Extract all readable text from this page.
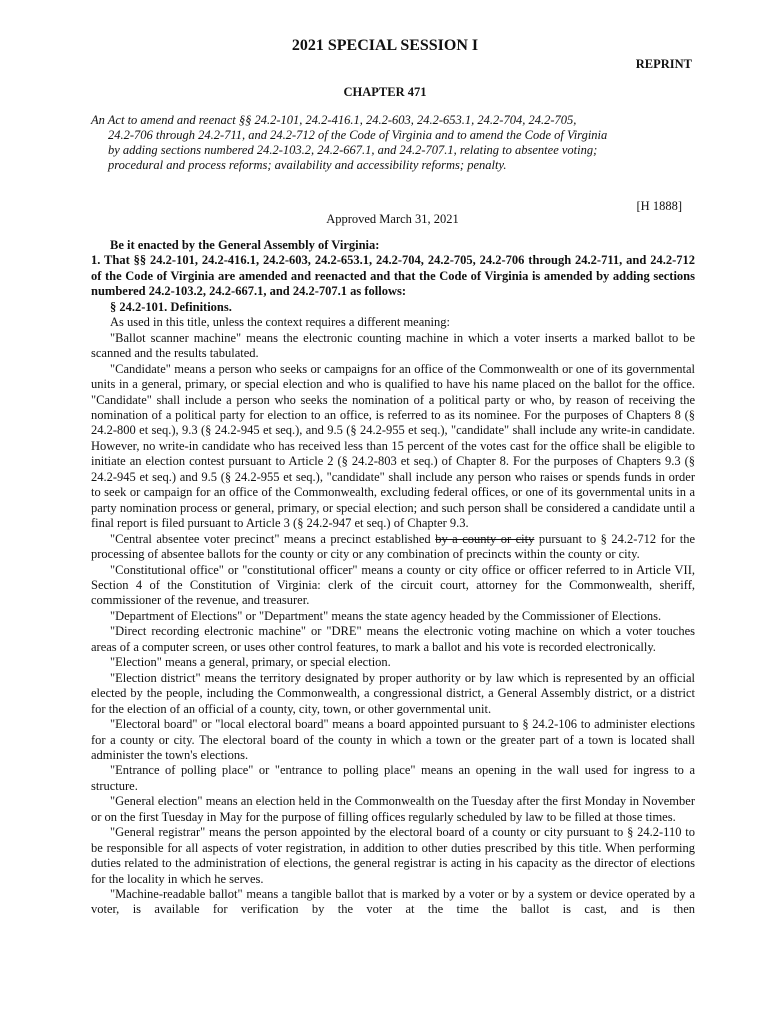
2021 SPECIAL SESSION I
REPRINT
CHAPTER 471
An Act to amend and reenact §§ 24.2-101, 24.2-416.1, 24.2-603, 24.2-653.1, 24.2-704, 24.2-705,
24.2-706 through 24.2-711, and 24.2-712 of the Code of Virginia and to amend the Code of Virginia
by adding sections numbered 24.2-103.2, 24.2-667.1, and 24.2-707.1, relating to absentee voting;
procedural and process reforms; availability and accessibility reforms; penalty.
[H 1888]
Approved March 31, 2021

Be it enacted by the General Assembly of Virginia:

1. That §§ 24.2-101, 24.2-416.1, 24.2-603, 24.2-653.1, 24.2-704, 24.2-705, 24.2-706 through 24.2-711, and 24.2-712 of the Code of Virginia are amended and reenacted and that the Code of Virginia is amended by adding sections numbered 24.2-103.2, 24.2-667.1, and 24.2-707.1 as follows:

§ 24.2-101. Definitions.

As used in this title, unless the context requires a different meaning:

"Ballot scanner machine" means the electronic counting machine in which a voter inserts a marked ballot to be scanned and the results tabulated.

"Candidate" means a person who seeks or campaigns for an office of the Commonwealth or one of its governmental units in a general, primary, or special election and who is qualified to have his name placed on the ballot for the office. "Candidate" shall include a person who seeks the nomination of a political party or who, by reason of receiving the nomination of a political party for election to an office, is referred to as its nominee. For the purposes of Chapters 8 (§ 24.2-800 et seq.), 9.3 (§ 24.2-945 et seq.), and 9.5 (§ 24.2-955 et seq.), "candidate" shall include any write-in candidate. However, no write-in candidate who has received less than 15 percent of the votes cast for the office shall be eligible to initiate an election contest pursuant to Article 2 (§ 24.2-803 et seq.) of Chapter 8. For the purposes of Chapters 9.3 (§ 24.2-945 et seq.) and 9.5 (§ 24.2-955 et seq.), "candidate" shall include any person who raises or spends funds in order to seek or campaign for an office of the Commonwealth, excluding federal offices, or one of its governmental units in a party nomination process or general, primary, or special election; and such person shall be considered a candidate until a final report is filed pursuant to Article 3 (§ 24.2-947 et seq.) of Chapter 9.3.

"Central absentee voter precinct" means a precinct established by a county or city pursuant to § 24.2-712 for the processing of absentee ballots for the county or city or any combination of precincts within the county or city.

"Constitutional office" or "constitutional officer" means a county or city office or officer referred to in Article VII, Section 4 of the Constitution of Virginia: clerk of the circuit court, attorney for the Commonwealth, sheriff, commissioner of the revenue, and treasurer.

"Department of Elections" or "Department" means the state agency headed by the Commissioner of Elections.

"Direct recording electronic machine" or "DRE" means the electronic voting machine on which a voter touches areas of a computer screen, or uses other control features, to mark a ballot and his vote is recorded electronically.

"Election" means a general, primary, or special election.

"Election district" means the territory designated by proper authority or by law which is represented by an official elected by the people, including the Commonwealth, a congressional district, a General Assembly district, or a district for the election of an official of a county, city, town, or other governmental unit.

"Electoral board" or "local electoral board" means a board appointed pursuant to § 24.2-106 to administer elections for a county or city. The electoral board of the county in which a town or the greater part of a town is located shall administer the town's elections.

"Entrance of polling place" or "entrance to polling place" means an opening in the wall used for ingress to a structure.

"General election" means an election held in the Commonwealth on the Tuesday after the first Monday in November or on the first Tuesday in May for the purpose of filling offices regularly scheduled by law to be filled at those times.

"General registrar" means the person appointed by the electoral board of a county or city pursuant to § 24.2-110 to be responsible for all aspects of voter registration, in addition to other duties prescribed by this title. When performing duties related to the administration of elections, the general registrar is acting in his capacity as the director of elections for the locality in which he serves.

"Machine-readable ballot" means a tangible ballot that is marked by a voter or by a system or device operated by a voter, is available for verification by the voter at the time the ballot is cast, and is then
